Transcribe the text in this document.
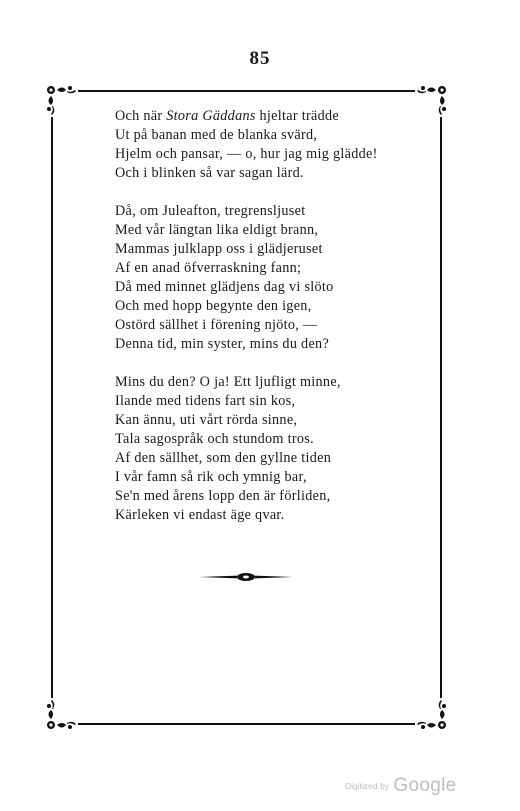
85
Och när Stora Gäddans hjeltar trädde
Ut på banan med de blanka svärd,
Hjelm och pansar, — o, hur jag mig glädde!
Och i blinken så var sagan lärd.
Då, om Juleafton, tregrensljuset
Med vår längtan lika eldigt brann,
Mammas julklapp oss i glädjeruset
Af en anad öfverraskning fann;
Då med minnet glädjens dag vi slöto
Och med hopp begynte den igen,
Ostörd sällhet i förening njöto, —
Denna tid, min syster, mins du den?
Mins du den? O ja! Ett ljufligt minne,
Ilande med tidens fart sin kos,
Kan ännu, uti vårt rörda sinne,
Tala sagospråk och stundom tros.
Af den sällhet, som den gyllne tiden
I vår famn så rik och ymnig bar,
Se'n med årens lopp den är förliden,
Kärleken vi endast äge qvar.
Digitized by Google
